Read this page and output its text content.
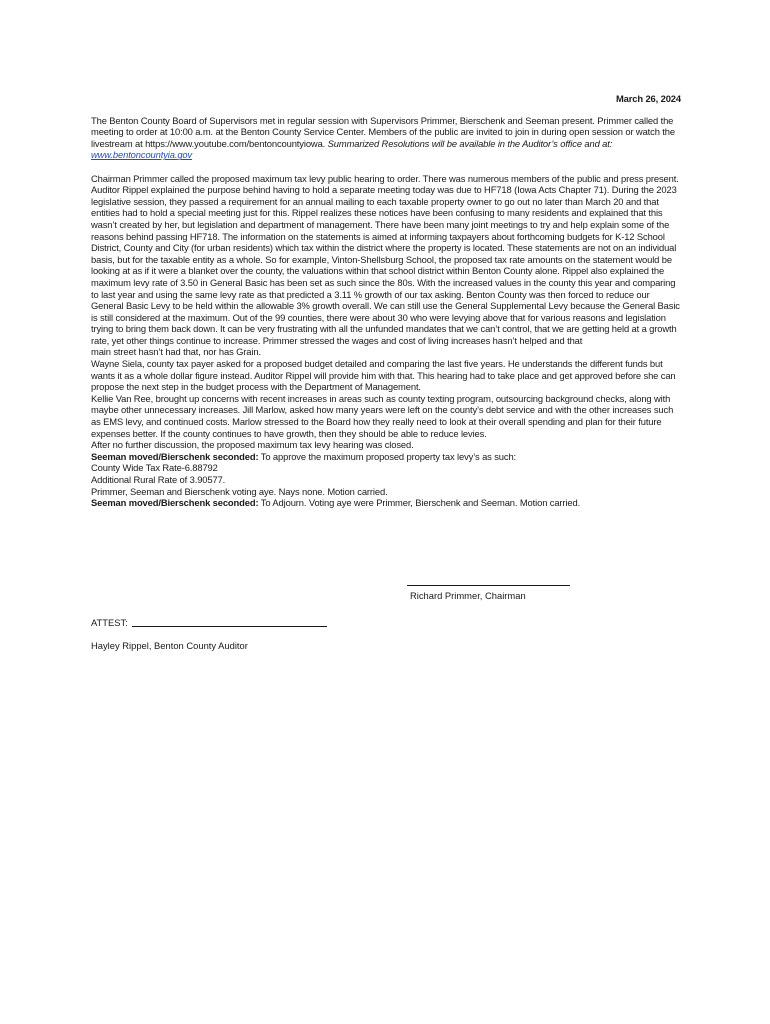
March 26, 2024

The Benton County Board of Supervisors met in regular session with Supervisors Primmer, Bierschenk and Seeman present. Primmer called the meeting to order at 10:00 a.m. at the Benton County Service Center. Members of the public are invited to join in during open session or watch the livestream at https://www.youtube.com/bentoncountyiowa. Summarized Resolutions will be available in the Auditor’s office and at: www.bentoncountyia.gov

Chairman Primmer called the proposed maximum tax levy public hearing to order. There was numerous members of the public and press present. Auditor Rippel explained the purpose behind having to hold a separate meeting today was due to HF718 (Iowa Acts Chapter 71). During the 2023 legislative session, they passed a requirement for an annual mailing to each taxable property owner to go out no later than March 20 and that entities had to hold a special meeting just for this. Rippel realizes these notices have been confusing to many residents and explained that this wasn’t created by her, but legislation and department of management. There have been many joint meetings to try and help explain some of the reasons behind passing HF718. The information on the statements is aimed at informing taxpayers about forthcoming budgets for K-12 School District, County and City (for urban residents) which tax within the district where the property is located. These statements are not on an individual basis, but for the taxable entity as a whole. So for example, Vinton-Shellsburg School, the proposed tax rate amounts on the statement would be looking at as if it were a blanket over the county, the valuations within that school district within Benton County alone. Rippel also explained the maximum levy rate of 3.50 in General Basic has been set as such since the 80s. With the increased values in the county this year and comparing to last year and using the same levy rate as that predicted a 3.11 % growth of our tax asking. Benton County was then forced to reduce our General Basic Levy to be held within the allowable 3% growth overall. We can still use the General Supplemental Levy because the General Basic is still considered at the maximum. Out of the 99 counties, there were about 30 who were levying above that for various reasons and legislation trying to bring them back down. It can be very frustrating with all the unfunded mandates that we can’t control, that we are getting held at a growth rate, yet other things continue to increase. Primmer stressed the wages and cost of living increases hasn’t helped and that

main street hasn’t had that, nor has Grain.

Wayne Siela, county tax payer asked for a proposed budget detailed and comparing the last five years. He understands the different funds but wants it as a whole dollar figure instead. Auditor Rippel will provide him with that. This hearing had to take place and get approved before she can propose the next step in the budget process with the Department of Management.

Kellie Van Ree, brought up concerns with recent increases in areas such as county texting program, outsourcing background checks, along with maybe other unnecessary increases. Jill Marlow, asked how many years were left on the county’s debt service and with the other increases such as EMS levy, and continued costs. Marlow stressed to the Board how they really need to look at their overall spending and plan for their future expenses better. If the county continues to have growth, then they should be able to reduce levies.

After no further discussion, the proposed maximum tax levy hearing was closed.

Seeman moved/Bierschenk seconded: To approve the maximum proposed property tax levy’s as such:

County Wide Tax Rate-6.88792

Additional Rural Rate of 3.90577.

Primmer, Seeman and Bierschenk voting aye. Nays none. Motion carried.

Seeman moved/Bierschenk seconded: To Adjourn. Voting aye were Primmer, Bierschenk and Seeman. Motion carried.

Richard Primmer, Chairman
ATTEST:
Hayley Rippel, Benton County Auditor
